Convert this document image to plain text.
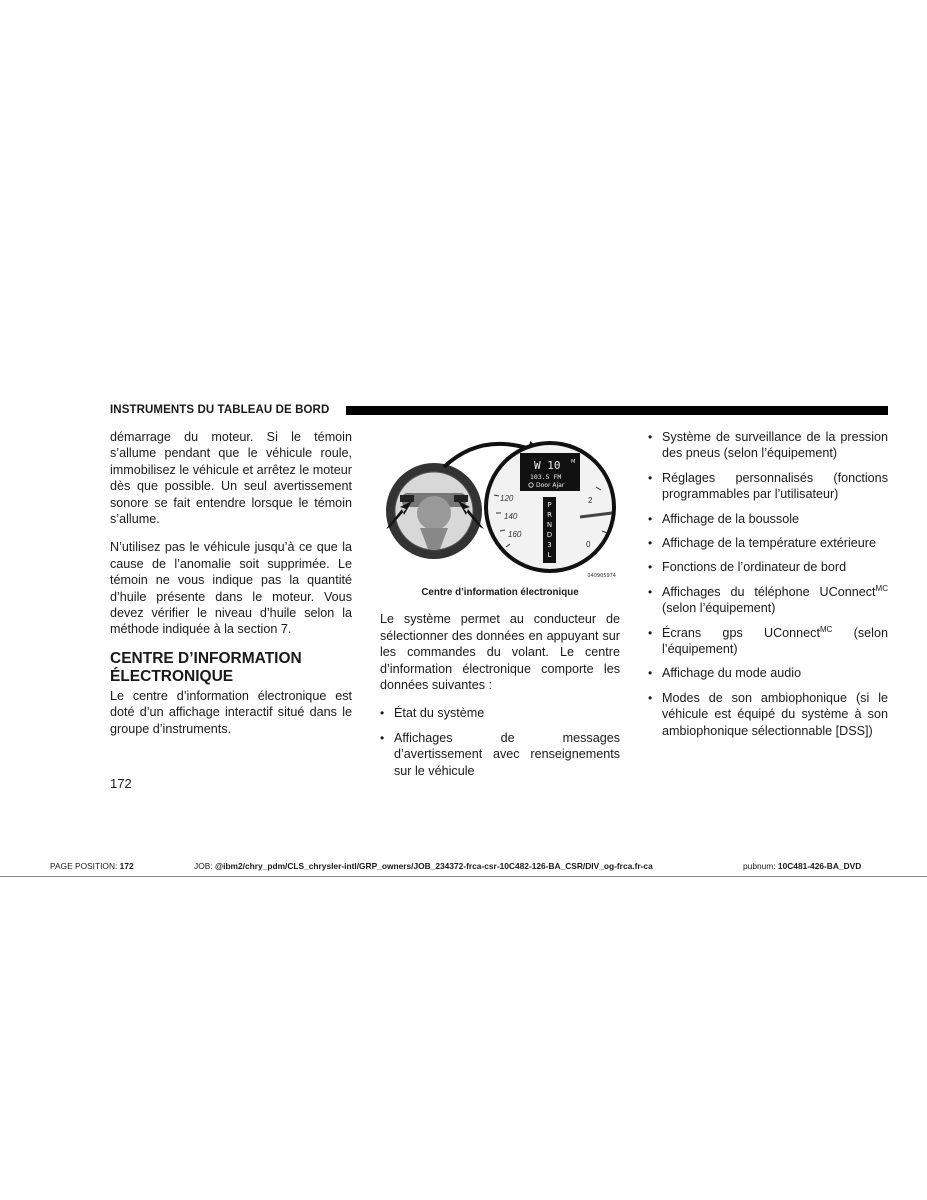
INSTRUMENTS DU TABLEAU DE BORD

démarrage du moteur. Si le témoin s’allume pendant que le véhicule roule, immobilisez le véhicule et arrêtez le moteur dès que possible. Un seul avertissement sonore se fait entendre lorsque le témoin s’allume.

N’utilisez pas le véhicule jusqu’à ce que la cause de l’anomalie soit supprimée. Le témoin ne vous indique pas la quantité d’huile présente dans le moteur. Vous devez vérifier le niveau d’huile selon la méthode indiquée à la section 7.

CENTRE D’INFORMATION ÉLECTRONIQUE

Le centre d’information électronique est doté d’un affichage interactif situé dans le groupe d’instruments.

W 10 M
103.5 FM
Door Ajar
120
140
160
P
R
N
D
3
L
2
0
040905974
Centre d’information électronique

Le système permet au conducteur de sélectionner des données en appuyant sur les commandes du volant. Le centre d’information électronique comporte les données suivantes :

• État du système
• Affichages de messages d’avertissement avec renseignements sur le véhicule
• Système de surveillance de la pression des pneus (selon l’équipement)
• Réglages personnalisés (fonctions programmables par l’utilisateur)
• Affichage de la boussole
• Affichage de la température extérieure
• Fonctions de l’ordinateur de bord
• Affichages du téléphone UConnect$^{MC}$ (selon l’équipement)
• Écrans gps UConnect$^{MC}$ (selon l’équipement)
• Affichage du mode audio
• Modes de son ambiophonique (si le véhicule est équipé du système à son ambiophonique sélectionnable [DSS])
172
PAGE POSITION: 172	JOB: @ibm2/chry_pdm/CLS_chrysler-intl/GRP_owners/JOB_234372-frca-csr-10C482-126-BA_CSR/DIV_og-frca.fr-ca	pubnum: 10C481-426-BA_DVD
